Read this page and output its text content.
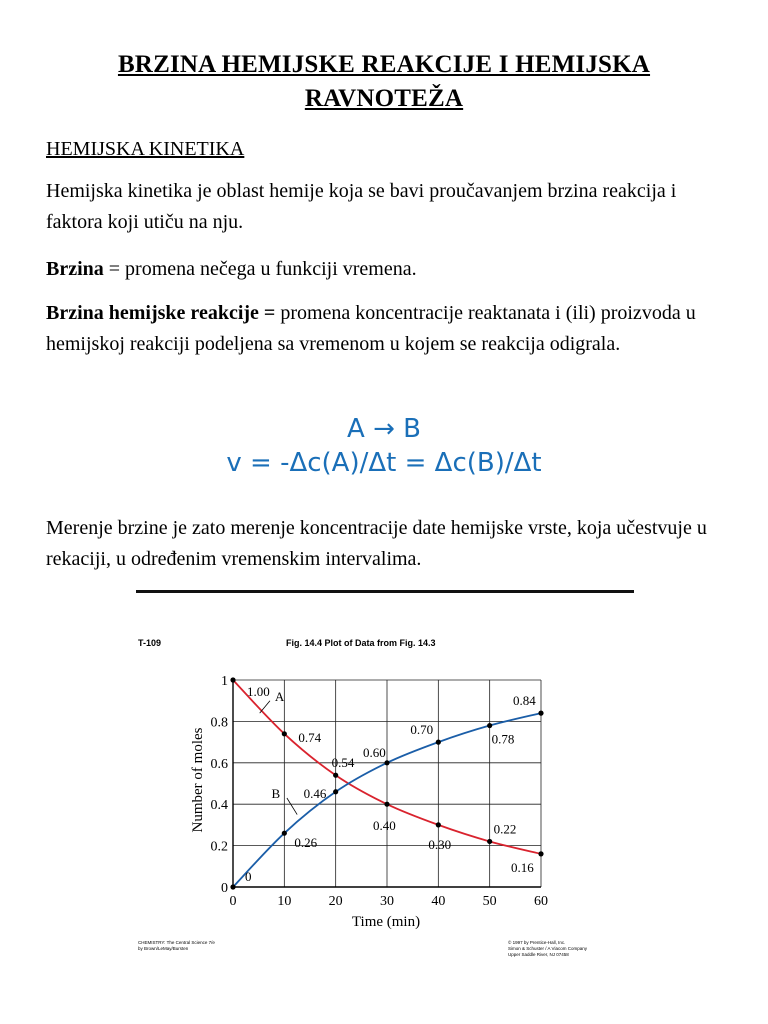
BRZINA HEMIJSKE REAKCIJE I HEMIJSKA
RAVNOTEŽA
HEMIJSKA KINETIKA
Hemijska kinetika je oblast hemije koja se bavi proučavanjem brzina reakcija i faktora koji utiču na nju.
Brzina = promena nečega u funkciji vremena.
Brzina hemijske reakcije = promena koncentracije reaktanata i (ili) proizvoda u hemijskoj reakciji podeljena sa vremenom u kojem se reakcija odigrala.
A → B
v = -Δc(A)/Δt = Δc(B)/Δt
Merenje brzine je zato merenje koncentracije date hemijske vrste, koja učestvuje u rekaciji, u određenim vremenskim intervalima.
T-109	Fig. 14.4 Plot of Data from Fig. 14.3
Number of moles
Time (min)
0
0.2
0.4
0.6
0.8
1
0	10	20	30	40	50	60
1.00
0.74
0.54
0.40
0.30
0.22
0.16
0
0.26
0.46
0.60
0.70
0.78
0.84
A
B
CHEMISTRY: The Central Science 7/e
by Brown/LeMay/Bursten
© 1997 by Prentice-Hall, Inc.
Simon & Schuster / A Viacom Company
Upper Saddle River, NJ 07458
